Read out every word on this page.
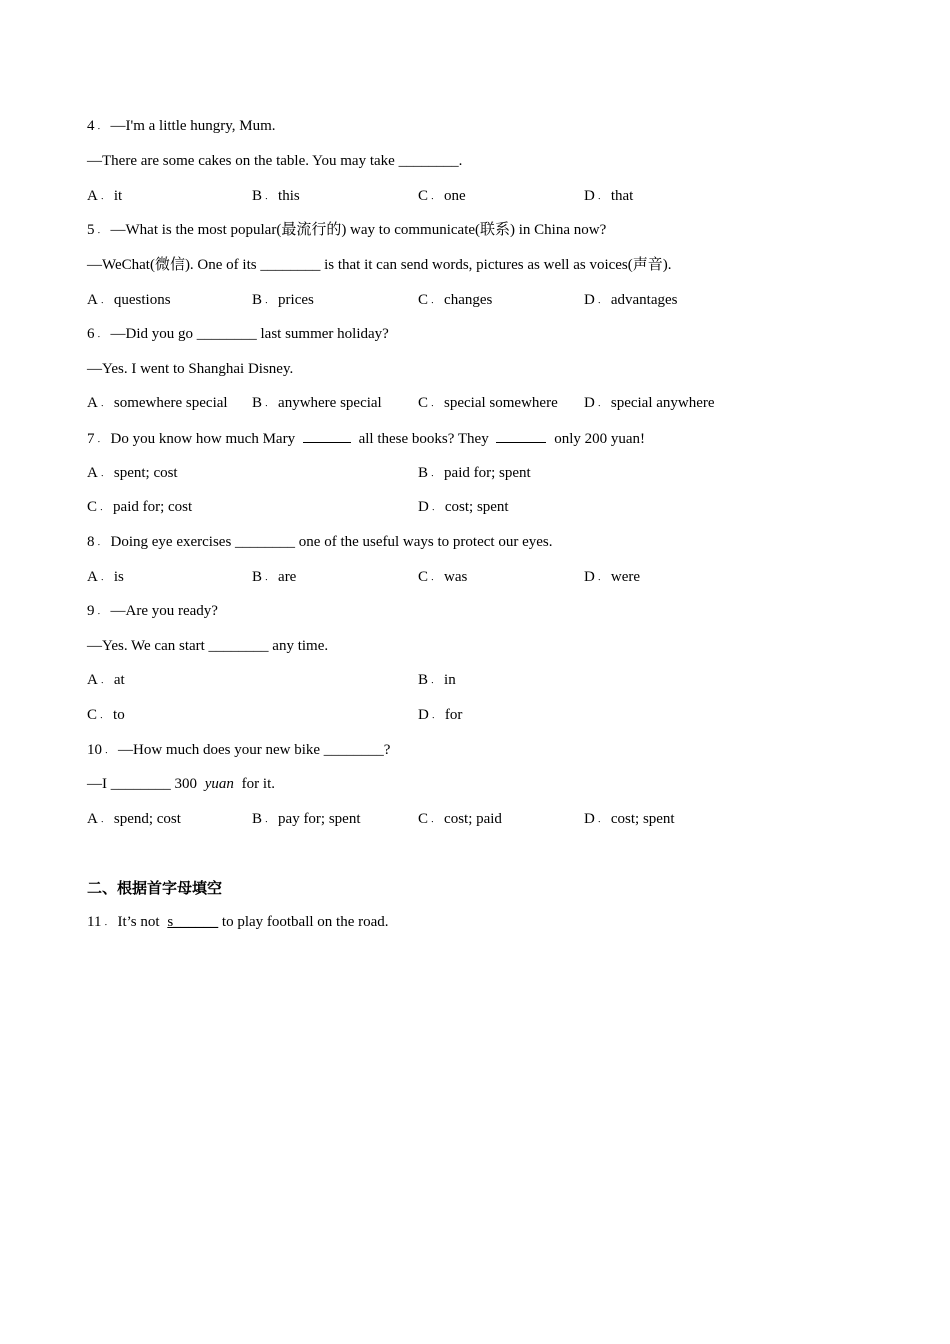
4 ． —I'm a little hungry, Mum.
—There are some cakes on the table. You may take ________.
A ． it	B ． this	C ． one	D ． that
5 ． —What is the most popular(最流行的) way to communicate(联系) in China now?
—WeChat(微信). One of its ________ is that it can send words, pictures as well as voices(声音).
A ． questions	B ． prices	C ． changes	D ． advantages
6 ． —Did you go ________ last summer holiday?
—Yes. I went to Shanghai Disney.
A ． somewhere special B ． anywhere special C ． special somewhere D ． special anywhere
7 ． Do you know how much Mary	all these books? They	only 200 yuan!
A ． spent; cost	B ． paid for; spent
C ． paid for; cost	D ． cost; spent
8 ． Doing eye exercises ________ one of the useful ways to protect our eyes.
A ． is	B ． are	C ． was	D ． were
9 ． —Are you ready?
—Yes. We can start ________ any time.
A ． at	B ． in
C ． to	D ． for
10 ． —How much does your new bike ________?
—I ________ 300 yuan for it.
A ． spend; cost	B ． pay for; spent	C ． cost; paid	D ． cost; spent
二、根据首字母填空
11 ． It’s not s______ to play football on the road.
